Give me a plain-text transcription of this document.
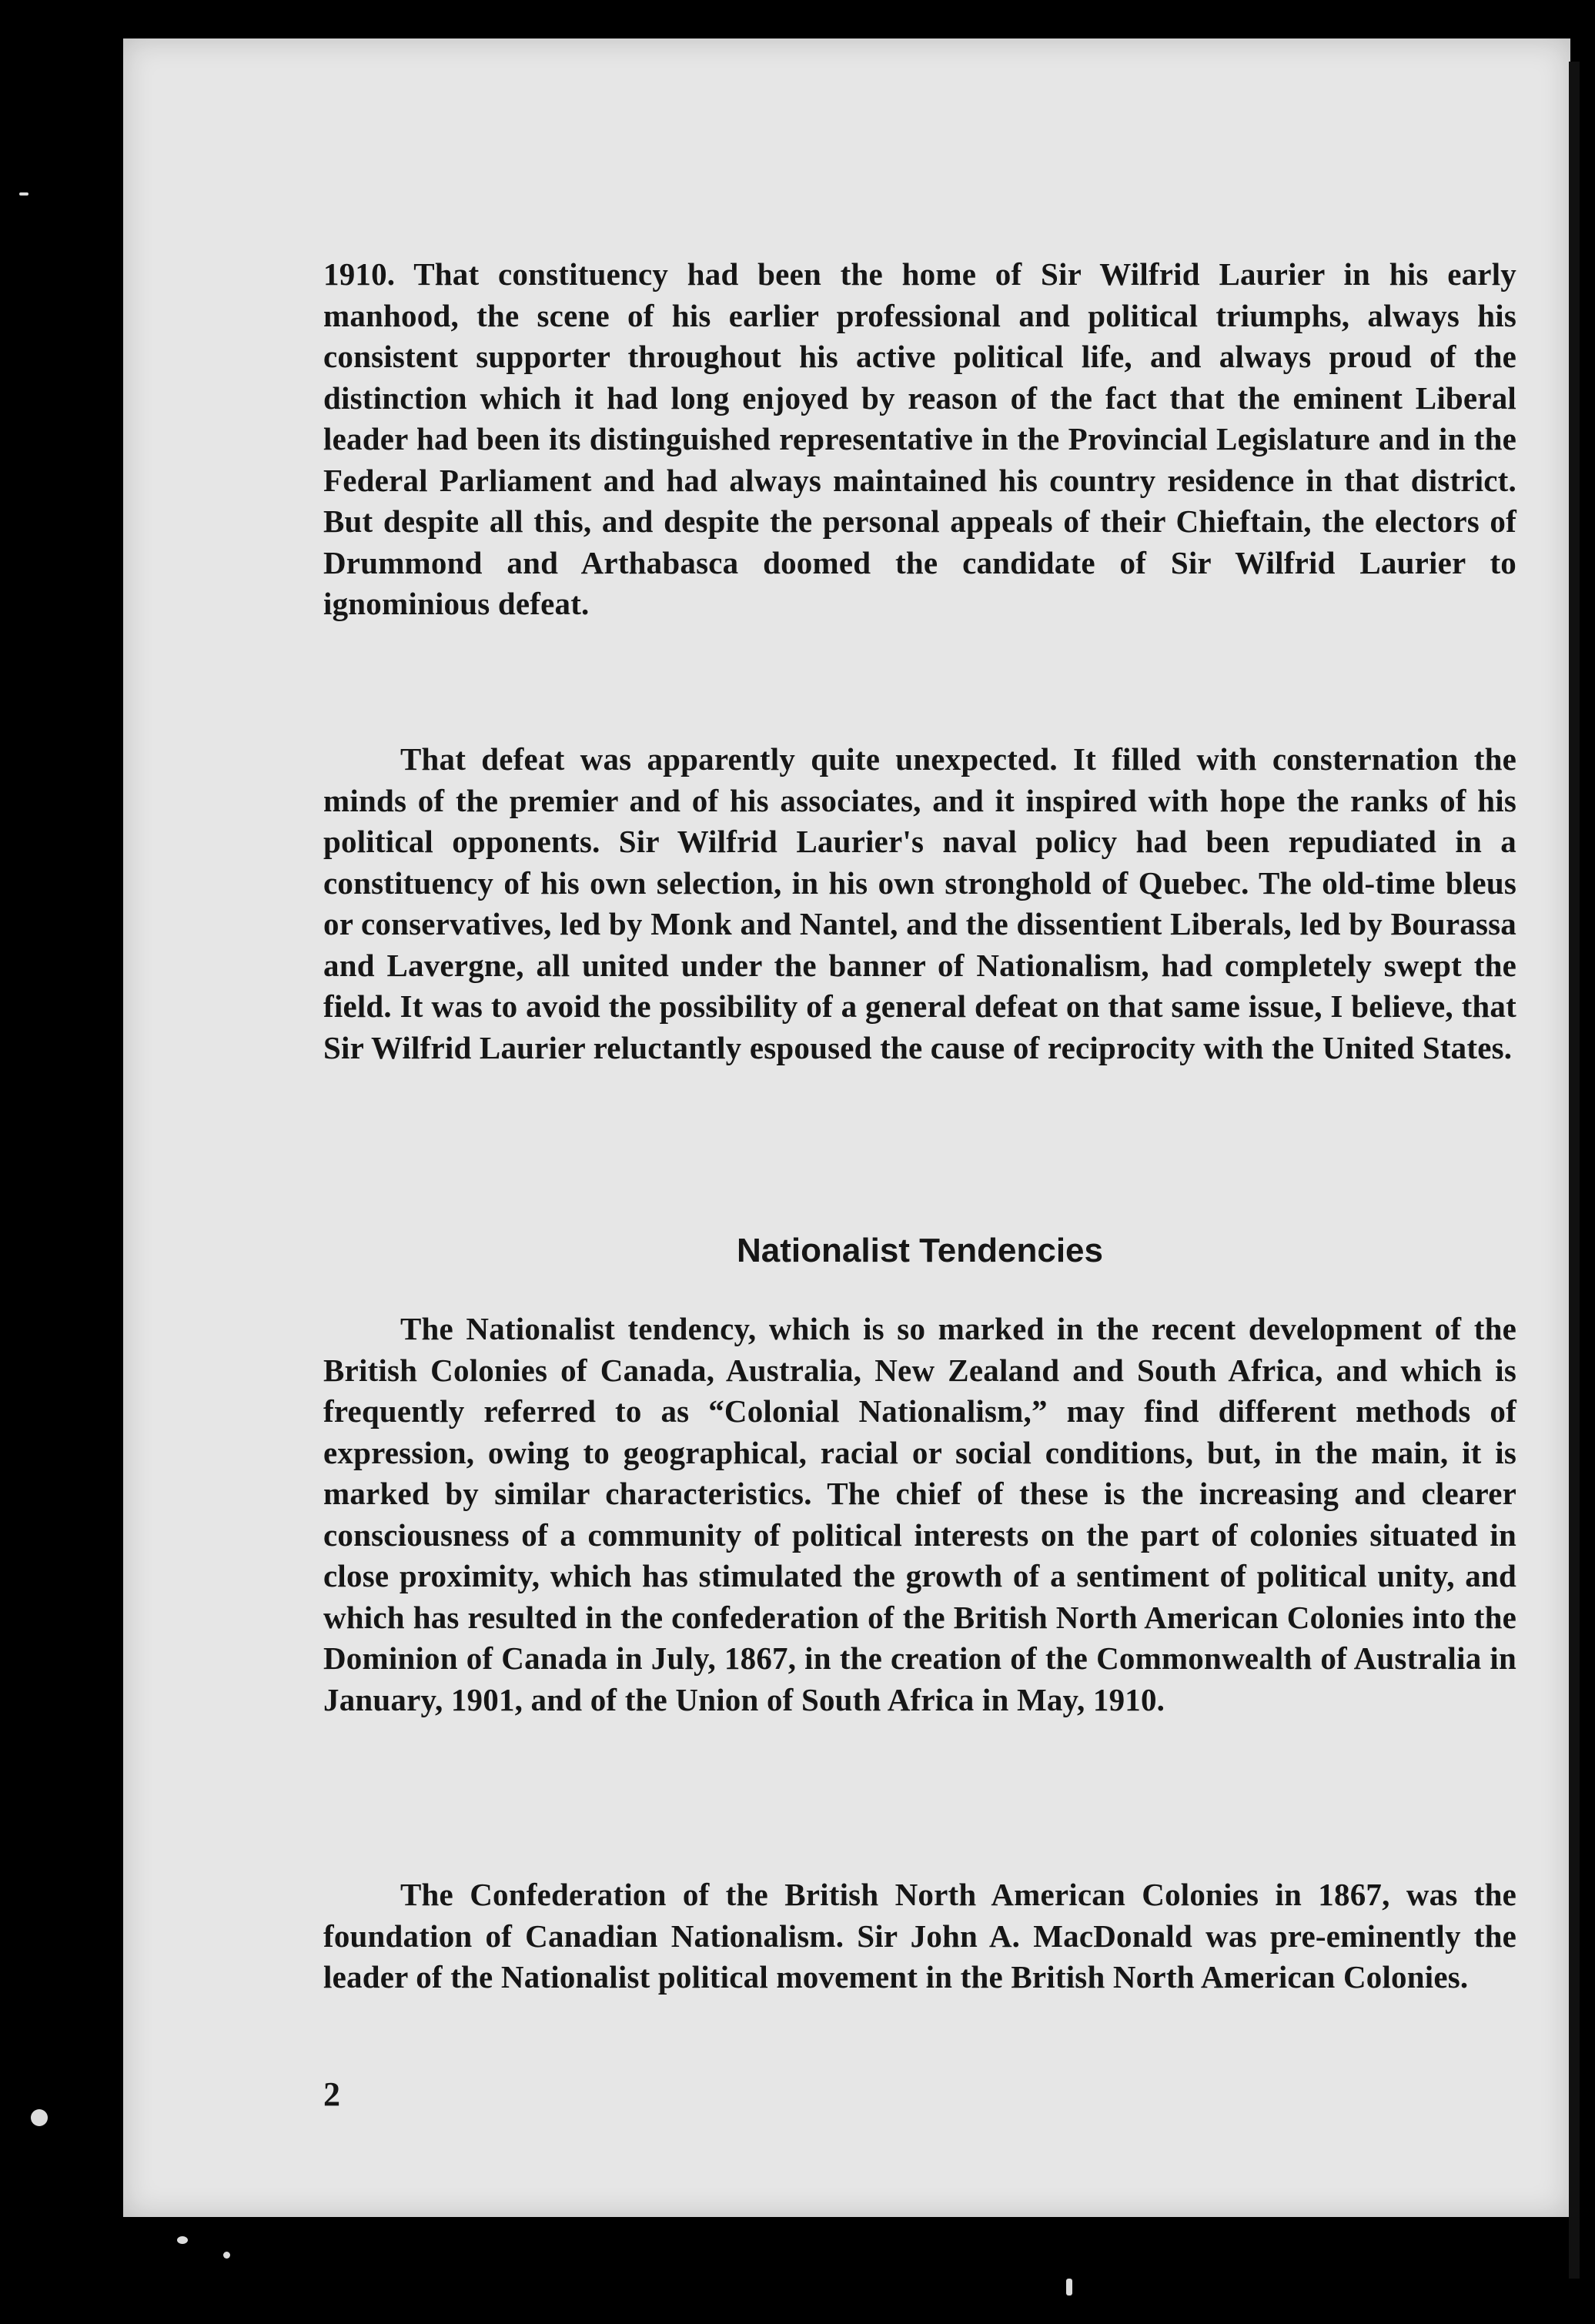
1910. That constituency had been the home of Sir Wilfrid Laurier in his early manhood, the scene of his earlier professional and political triumphs, always his consistent supporter throughout his active political life, and always proud of the distinction which it had long enjoyed by reason of the fact that the eminent Liberal leader had been its distinguished representative in the Provincial Legislature and in the Federal Parliament and had always maintained his country residence in that district. But despite all this, and despite the personal appeals of their Chieftain, the electors of Drummond and Arthabasca doomed the candidate of Sir Wilfrid Laurier to ignominious defeat.

That defeat was apparently quite unexpected. It filled with consternation the minds of the premier and of his associates, and it inspired with hope the ranks of his political opponents. Sir Wilfrid Laurier's naval policy had been repudiated in a constituency of his own selection, in his own stronghold of Quebec. The old-time bleus or conservatives, led by Monk and Nantel, and the dissentient Liberals, led by Bourassa and Lavergne, all united under the banner of Nationalism, had completely swept the field. It was to avoid the possibility of a general defeat on that same issue, I believe, that Sir Wilfrid Laurier reluctantly espoused the cause of reciprocity with the United States.

Nationalist Tendencies

The Nationalist tendency, which is so marked in the recent development of the British Colonies of Canada, Australia, New Zealand and South Africa, and which is frequently referred to as “Colonial Nationalism,” may find different methods of expression, owing to geographical, racial or social conditions, but, in the main, it is marked by similar characteristics. The chief of these is the increasing and clearer consciousness of a community of political interests on the part of colonies situated in close proximity, which has stimulated the growth of a sentiment of political unity, and which has resulted in the confederation of the British North American Colonies into the Dominion of Canada in July, 1867, in the creation of the Commonwealth of Australia in January, 1901, and of the Union of South Africa in May, 1910.

The Confederation of the British North American Colonies in 1867, was the foundation of Canadian Nationalism. Sir John A. MacDonald was pre-eminently the leader of the Nationalist political movement in the British North American Colonies.

2
